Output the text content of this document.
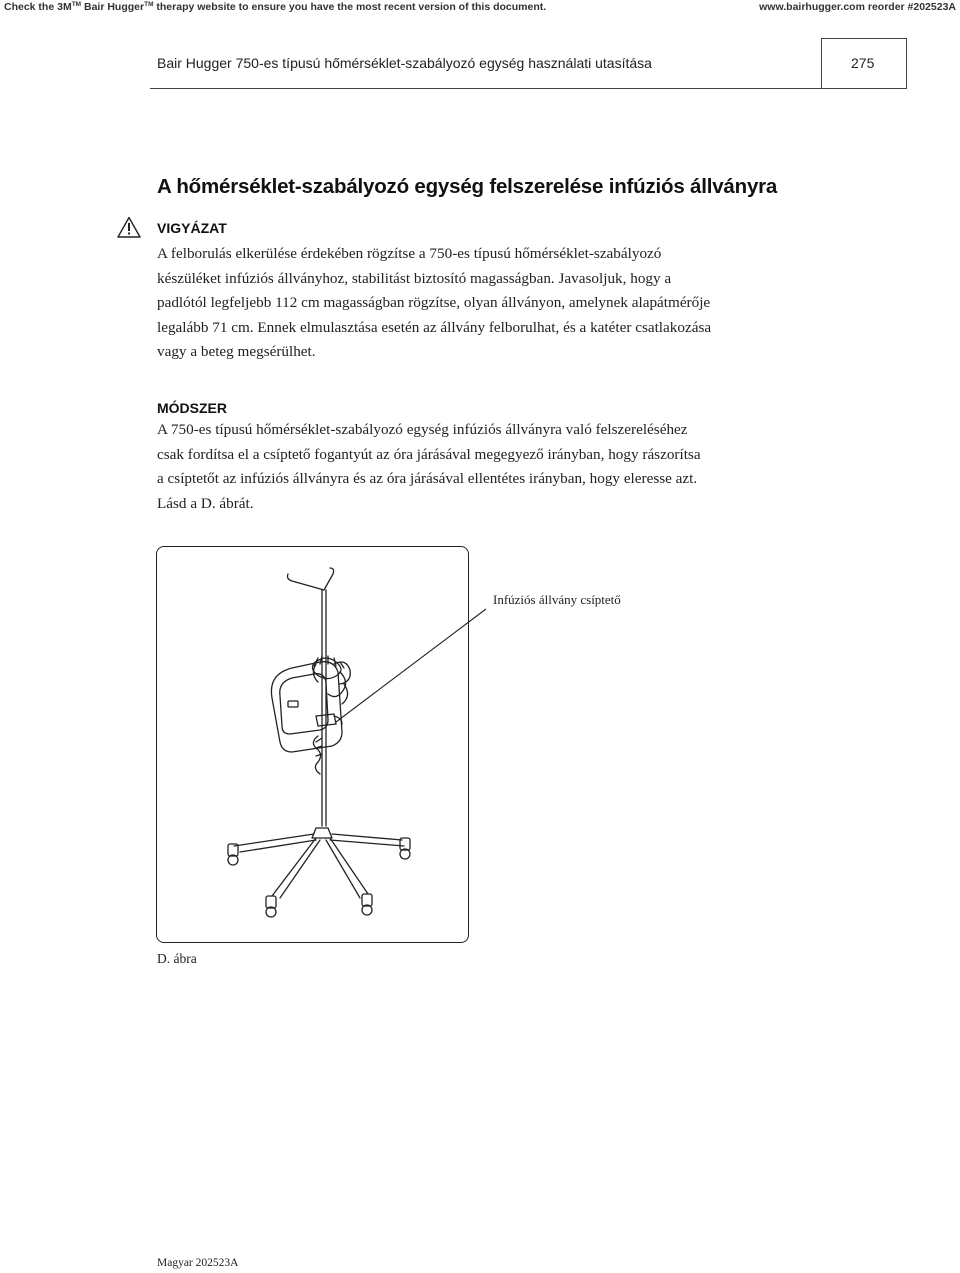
Check the 3M™ Bair Hugger™ therapy website to ensure you have the most recent version of this document.	www.bairhugger.com reorder #202523A
Bair Hugger 750-es típusú hőmérséklet-szabályozó egység használati utasítása	275
A hőmérséklet-szabályozó egység felszerelése infúziós állványra
VIGYÁZAT
A felborulás elkerülése érdekében rögzítse a 750-es típusú hőmérséklet-szabályozó
készüléket infúziós állványhoz, stabilitást biztosító magasságban. Javasoljuk, hogy a
padlótól legfeljebb 112 cm magasságban rögzítse, olyan állványon, amelynek alapátmérője
legalább 71 cm. Ennek elmulasztása esetén az állvány felborulhat, és a katéter csatlakozása
vagy a beteg megsérülhet.
MÓDSZER
A 750-es típusú hőmérséklet-szabályozó egység infúziós állványra való felszereléséhez
csak fordítsa el a csíptető fogantyút az óra járásával megegyező irányban, hogy rászorítsa
a csíptetőt az infúziós állványra és az óra járásával ellentétes irányban, hogy eleresse azt.
Lásd a D. ábrát.
Infúziós állvány csíptető
D. ábra
Magyar 202523A
